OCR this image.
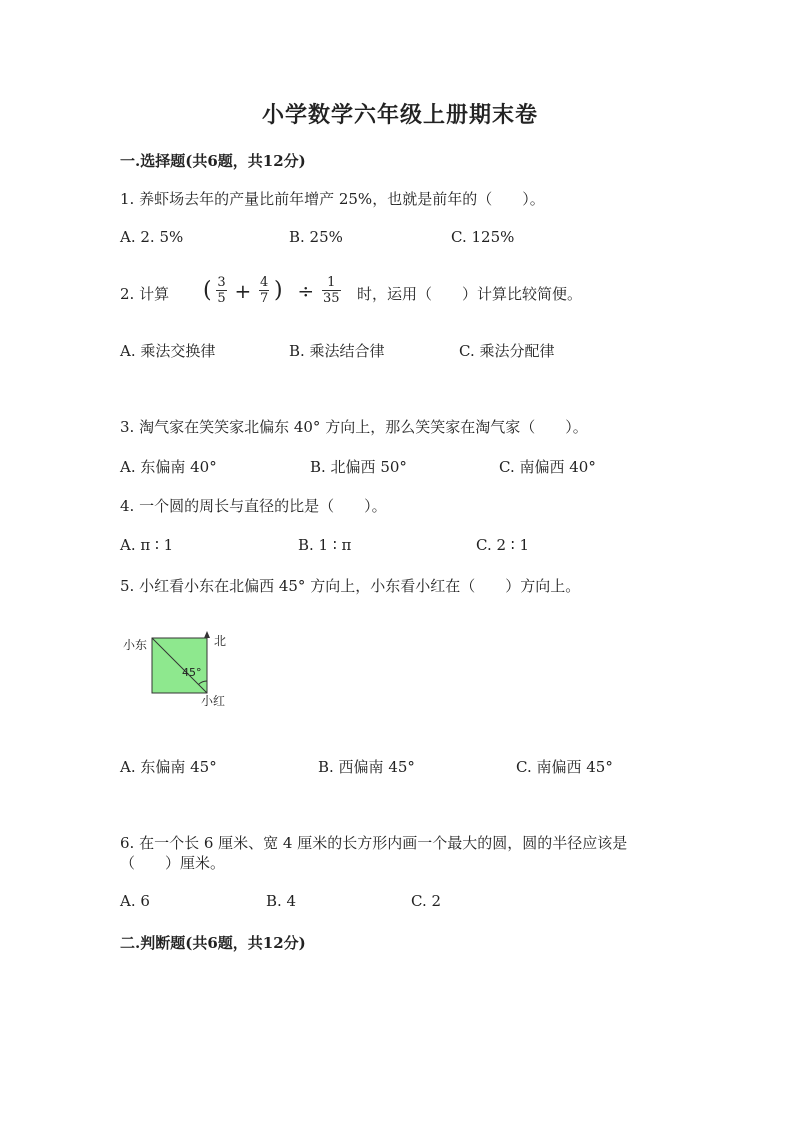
小学数学六年级上册期末卷
一.选择题(共6题，共12分)
1. 养虾场去年的产量比前年增产 25%，也就是前年的（　　）。
A. 2. 5%	B. 25%	C. 125%
2. 计算 ( $\frac{3}{5} + \frac{4}{7}$ ) ÷ $\frac{1}{35}$ 时，运用（　　）计算比较简便。
A. 乘法交换律	B. 乘法结合律	C. 乘法分配律
3. 淘气家在笑笑家北偏东 40° 方向上，那么笑笑家在淘气家（　　）。
A. 东偏南 40°	B. 北偏西 50°	C. 南偏西 40°
4. 一个圆的周长与直径的比是（　　）。
A. π ∶ 1	B. 1 ∶ π	C. 2 ∶ 1
5. 小红看小东在北偏西 45° 方向上，小东看小红在（　　）方向上。
小东	北
45°
小红
A. 东偏南 45°	B. 西偏南 45°	C. 南偏西 45°
6. 在一个长 6 厘米、宽 4 厘米的长方形内画一个最大的圆，圆的半径应该是
（　　）厘米。
A. 6	B. 4	C. 2
二.判断题(共6题，共12分)
